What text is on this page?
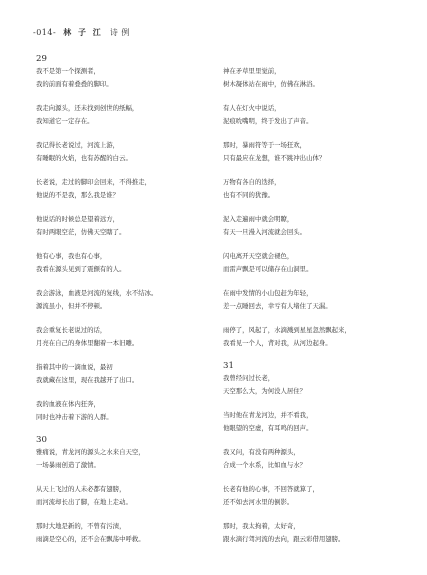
-014- 林 子 江 诗 例
29
我不是第一个探测者，
我的前面有着叠叠的脚印。
我走向源头，还未找到创世的纸幅，
我知道它一定存在。
我记得长老说过，河流上游，
有睡眠的火焰，也有苏醒的白云。
长老说，走过的脚印会回来，不得推走，
他说的不是我，那么我是谁？
他说话的时候总是望着远方，
有时两眼空茫，仿佛天空瞎了。
他有心事，我也有心事，
我看在源头见到了震颤有的人。
我会游泳，血液是河流的复线，水不结冰。
源流虽小，但并不停顿。
我会重复长老说过的话，
月亮在自己的身体里翻着一本旧雕。
指着其中的一滴血说，最初
我就藏在这里，现在我越开了出口。
我的血液在体内狂奔，
同时也冲击着下游的人群。
30
雅痛说，青龙河的源头之水来自天空，
一场暴雨创造了激情。
从天上飞过的人未必都有翅膀，
而河流却长出了脚，在地上走动。
那时大地是新的，不曾有污渍，
雨滴是空心的，还不会在飘荡中呼救。
神在矛草里里觉前，
树木凝体站在雨中，仿佛在淋浴。
有人在灯火中说话，
泥痕吮嘴明，终于发出了声音。
那时，暴雨符等于一场狂欢，
只有最应在龙想，谁不跳冲出山体？
万物有各自的迭择，
也有不同的犹豫。
泥入走遍雨中就会明瞭，
有天一旦漫入河流就会回头。
闪电离开天空就会褪色，
而雷声飘是可以储存在山洞里。
在雨中发情的小山包赶为年轻，
差一点睡回去，幸亏有人堵住了天漏。
雨停了，风起了，水滴溅到星星忽然飘起来，
我看见一个人，背对我，从河边起身。
31
我曾经问过长老，
天空那么大，为何没人居住？
当时他在青龙河边，并不看我，
他眼望的空虚，有耳鸣的回声。
我又问，有没有两种源头，
合成一个水系，比如血与水？
长老有他的心事，不回答就算了，
还不如去河水里的倒影。
那时，我太拘着，太好奇，
跟水滴行驾河流的去向，跟云彩借用翅膀。
